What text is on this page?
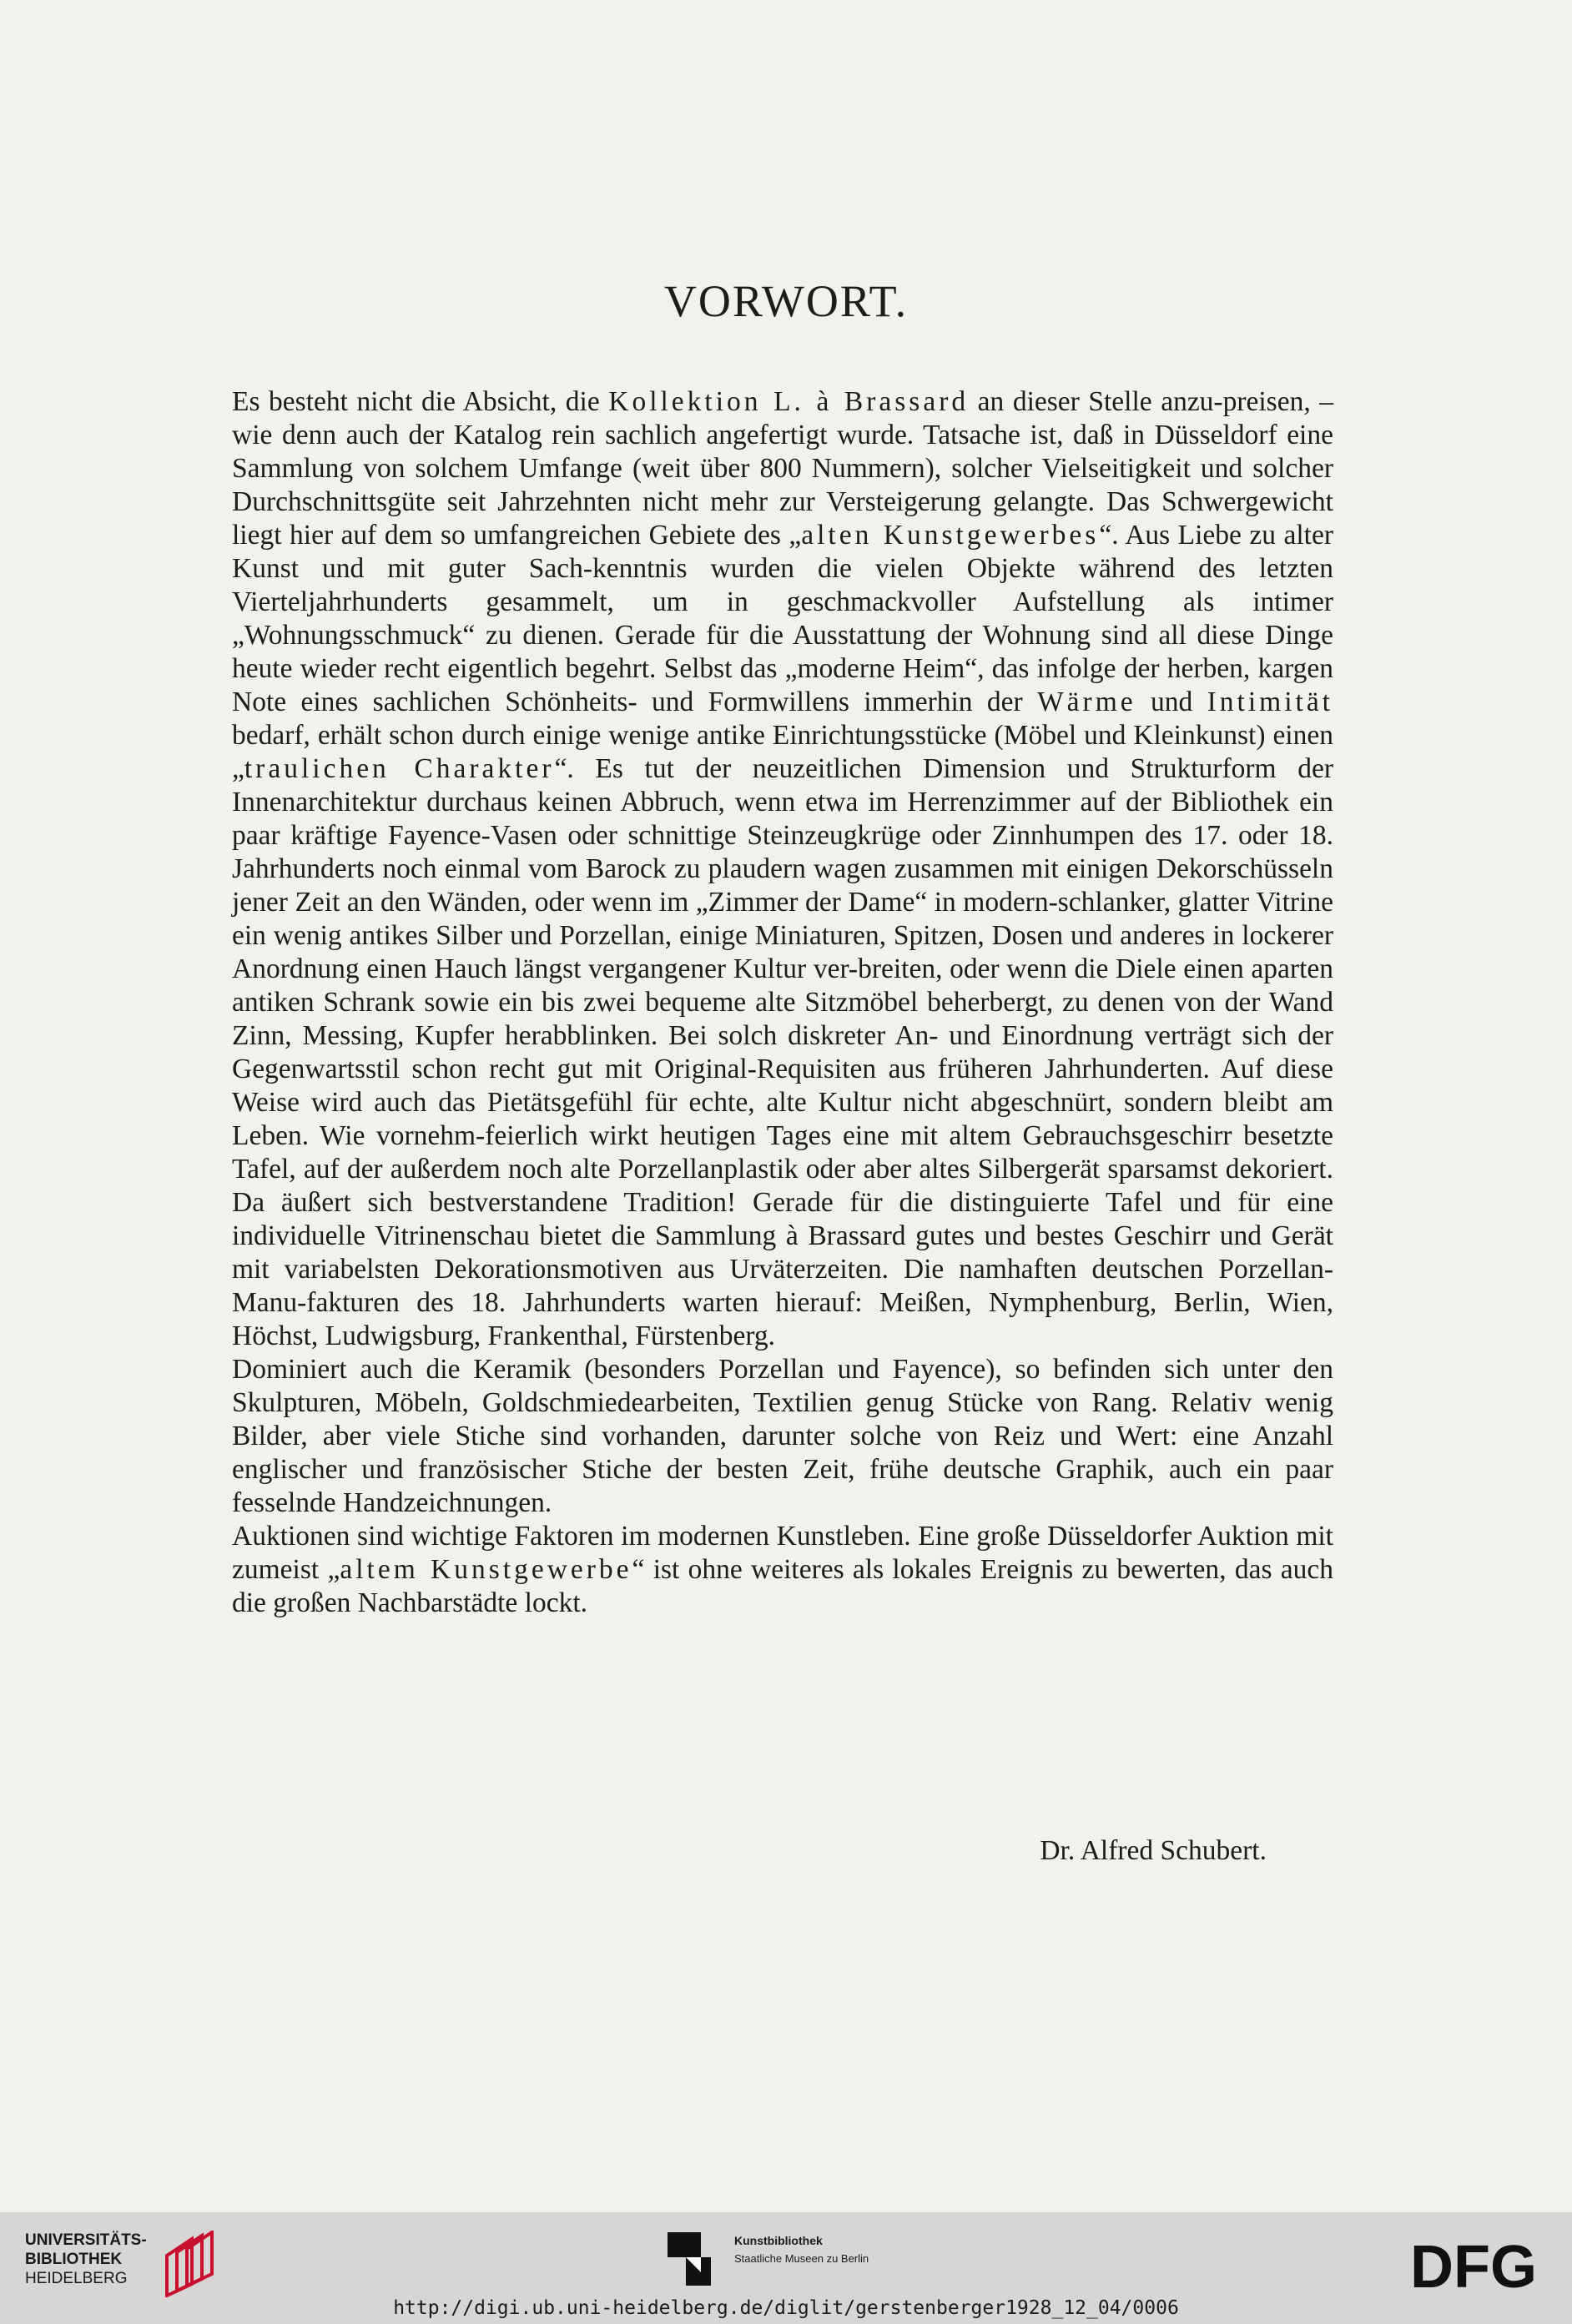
VORWORT.

Es besteht nicht die Absicht, die Kollektion L. à Brassard an dieser Stelle anzu-preisen, – wie denn auch der Katalog rein sachlich angefertigt wurde. Tatsache ist, daß in Düsseldorf eine Sammlung von solchem Umfange (weit über 800 Nummern), solcher Vielseitigkeit und solcher Durchschnittsgüte seit Jahrzehnten nicht mehr zur Versteigerung gelangte. Das Schwergewicht liegt hier auf dem so umfangreichen Gebiete des „alten Kunstgewerbes“. Aus Liebe zu alter Kunst und mit guter Sach-kenntnis wurden die vielen Objekte während des letzten Vierteljahrhunderts gesammelt, um in geschmackvoller Aufstellung als intimer „Wohnungsschmuck“ zu dienen. Gerade für die Ausstattung der Wohnung sind all diese Dinge heute wieder recht eigentlich begehrt. Selbst das „moderne Heim“, das infolge der herben, kargen Note eines sachlichen Schönheits- und Formwillens immerhin der Wärme und Intimität bedarf, erhält schon durch einige wenige antike Einrichtungsstücke (Möbel und Kleinkunst) einen „traulichen Charakter“. Es tut der neuzeitlichen Dimension und Strukturform der Innenarchitektur durchaus keinen Abbruch, wenn etwa im Herrenzimmer auf der Bibliothek ein paar kräftige Fayence-Vasen oder schnittige Steinzeugkrüge oder Zinnhumpen des 17. oder 18. Jahrhunderts noch einmal vom Barock zu plaudern wagen zusammen mit einigen Dekorschüsseln jener Zeit an den Wänden, oder wenn im „Zimmer der Dame“ in modern-schlanker, glatter Vitrine ein wenig antikes Silber und Porzellan, einige Miniaturen, Spitzen, Dosen und anderes in lockerer Anordnung einen Hauch längst vergangener Kultur ver-breiten, oder wenn die Diele einen aparten antiken Schrank sowie ein bis zwei bequeme alte Sitzmöbel beherbergt, zu denen von der Wand Zinn, Messing, Kupfer herabblinken. Bei solch diskreter An- und Einordnung verträgt sich der Gegenwartsstil schon recht gut mit Original-Requisiten aus früheren Jahrhunderten. Auf diese Weise wird auch das Pietätsgefühl für echte, alte Kultur nicht abgeschnürt, sondern bleibt am Leben. Wie vornehm-feierlich wirkt heutigen Tages eine mit altem Gebrauchsgeschirr besetzte Tafel, auf der außerdem noch alte Porzellanplastik oder aber altes Silbergerät sparsamst dekoriert. Da äußert sich bestverstandene Tradition! Gerade für die distinguierte Tafel und für eine individuelle Vitrinenschau bietet die Sammlung à Brassard gutes und bestes Geschirr und Gerät mit variabelsten Dekorationsmotiven aus Urväterzeiten. Die namhaften deutschen Porzellan-Manu-fakturen des 18. Jahrhunderts warten hierauf: Meißen, Nymphenburg, Berlin, Wien, Höchst, Ludwigsburg, Frankenthal, Fürstenberg.

Dominiert auch die Keramik (besonders Porzellan und Fayence), so befinden sich unter den Skulpturen, Möbeln, Goldschmiedearbeiten, Textilien genug Stücke von Rang. Relativ wenig Bilder, aber viele Stiche sind vorhanden, darunter solche von Reiz und Wert: eine Anzahl englischer und französischer Stiche der besten Zeit, frühe deutsche Graphik, auch ein paar fesselnde Handzeichnungen.

Auktionen sind wichtige Faktoren im modernen Kunstleben. Eine große Düsseldorfer Auktion mit zumeist „altem Kunstgewerbe“ ist ohne weiteres als lokales Ereignis zu bewerten, das auch die großen Nachbarstädte lockt.

Dr. Alfred Schubert.
UNIVERSITÄTS-
BIBLIOTHEK
HEIDELBERG
Kunstbibliothek
Staatliche Museen zu Berlin	DFG
http://digi.ub.uni-heidelberg.de/diglit/gerstenberger1928_12_04/0006
